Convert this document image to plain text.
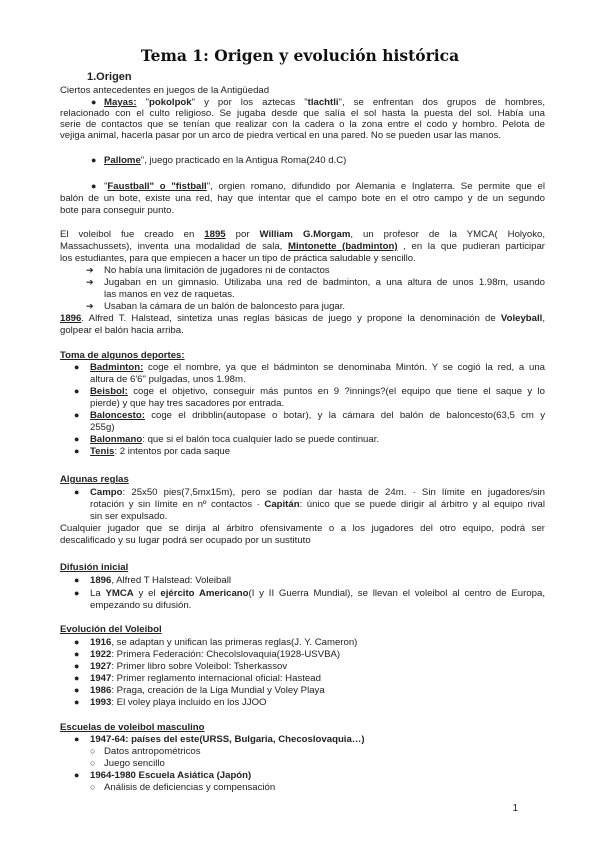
Tema 1: Origen y evolución histórica
1.Origen
Ciertos antecedentes en juegos de la Antigüedad
● Mayas: "pokolpok" y por los aztecas "tlachtli", se enfrentan dos grupos de hombres,
relacionado con el culto religioso. Se jugaba desde que salía el sol hasta la puesta del sol. Había una
serie de contactos que se tenían que realizar con la cadera o la zona entre el codo y hombro. Pelota de
vejiga animal, hacerla pasar por un arco de piedra vertical en una pared. No se pueden usar las manos.
● Pallome", juego practicado en la Antigua Roma(240 d.C)
● "Faustball" o "fistball", orgien romano, difundido por Alemania e Inglaterra. Se permite que el
balón de un bote, existe una red, hay que intentar que el campo bote en el otro campo y de un segundo
bote para conseguir punto.
El voleibol fue creado en 1895 por William G.Morgam, un profesor de la YMCA( Holyoko,
Massachussets), inventa una modalidad de sala, Mintonette (badminton) , en la que pudieran participar
los estudiantes, para que empiecen a hacer un tipo de práctica saludable y sencillo.
➔ No había una limitación de jugadores ni de contactos
➔ Jugaban en un gimnasio. Utilizaba una red de badminton, a una altura de unos 1.98m, usando
las manos en vez de raquetas.
➔ Usaban la cámara de un balón de baloncesto para jugar.
1896. Alfred T. Halstead, sintetiza unas reglas básicas de juego y propone la denominación de Voleyball,
golpear el balón hacia arriba.
Toma de algunos deportes:
● Badminton: coge el nombre, ya que el bádminton se denominaba Mintón. Y se cogió la red, a una
altura de 6'6" pulgadas, unos 1.98m.
● Beisbol: coge el objetivo, conseguir más puntos en 9 ?innings?(el equipo que tiene el saque y lo
pierde) y que hay tres sacadores por entrada.
● Baloncesto: coge el dribblin(autopase o botar), y la cámara del balón de baloncesto(63,5 cm y
255g)
● Balonmano: que si el balón toca cualquier lado se puede continuar.
● Tenis: 2 intentos por cada saque
Algunas reglas
● Campo: 25x50 pies(7,5mx15m), pero se podían dar hasta de 24m. · Sin límite en jugadores/sin
rotación y sin límite en nº contactos · Capitán: único que se puede dirigir al árbitro y al equipo rival
sin ser expulsado.
Cualquier jugador que se dirija al árbitro ofensivamente o a los jugadores del otro equipo, podrá ser
descalificado y su lugar podrá ser ocupado por un sustituto
Difusión inicial
● 1896, Alfred T Halstead: Voleiball
● La YMCA y el ejército Americano(I y II Guerra Mundial), se llevan el voleibol al centro de Europa,
empezando su difusión.
Evolución del Voleibol
● 1916, se adaptan y unifican las primeras reglas(J. Y. Cameron)
● 1922: Primera Federación: Checolslovaquia(1928-USVBA)
● 1927: Primer libro sobre Voleibol: Tsherkassov
● 1947: Primer reglamento internacional oficial: Hastead
● 1986: Praga, creación de la Liga Mundial y Voley Playa
● 1993: El voley playa incluido en los JJOO
Escuelas de voleibol masculino
● 1947-64: países del este(URSS, Bulgaria, Checoslovaquia…)
○ Datos antropométricos
○ Juego sencillo
● 1964-1980 Escuela Asiática (Japón)
○ Análisis de deficiencias y compensación
1
